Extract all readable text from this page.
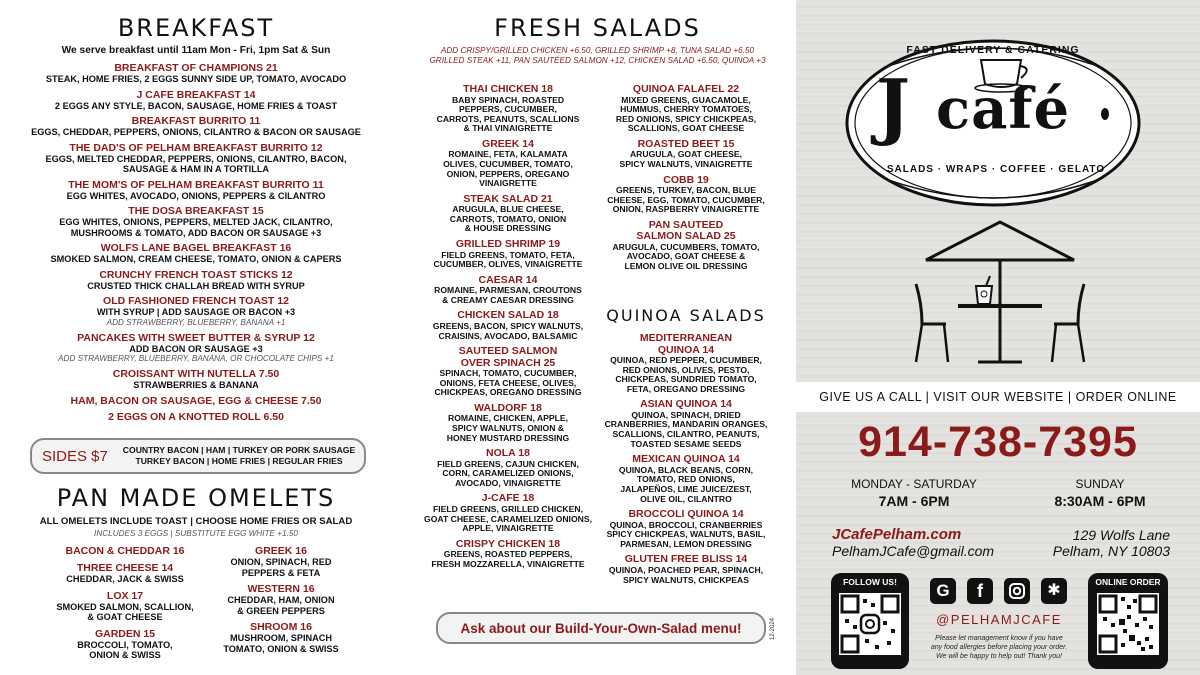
BREAKFAST
We serve breakfast until 11am Mon - Fri, 1pm Sat & Sun
BREAKFAST OF CHAMPIONS 21
STEAK, HOME FRIES, 2 EGGS SUNNY SIDE UP, TOMATO, AVOCADO
J CAFE BREAKFAST 14
2 EGGS ANY STYLE, BACON, SAUSAGE, HOME FRIES & TOAST
BREAKFAST BURRITO 11
EGGS, CHEDDAR, PEPPERS, ONIONS, CILANTRO & BACON OR SAUSAGE
THE DAD'S OF PELHAM BREAKFAST BURRITO 12
EGGS, MELTED CHEDDAR, PEPPERS, ONIONS, CILANTRO, BACON,
SAUSAGE & HAM IN A TORTILLA
THE MOM'S OF PELHAM BREAKFAST BURRITO 11
EGG WHITES, AVOCADO, ONIONS, PEPPERS & CILANTRO
THE DOSA BREAKFAST 15
EGG WHITES, ONIONS, PEPPERS, MELTED JACK, CILANTRO,
MUSHROOMS & TOMATO, ADD BACON OR SAUSAGE +3
WOLFS LANE BAGEL BREAKFAST 16
SMOKED SALMON, CREAM CHEESE, TOMATO, ONION & CAPERS
CRUNCHY FRENCH TOAST STICKS 12
CRUSTED THICK CHALLAH BREAD WITH SYRUP
OLD FASHIONED FRENCH TOAST 12
WITH SYRUP | ADD SAUSAGE OR BACON +3
ADD STRAWBERRY, BLUEBERRY, BANANA +1
PANCAKES WITH SWEET BUTTER & SYRUP 12
ADD BACON OR SAUSAGE +3
ADD STRAWBERRY, BLUEBERRY, BANANA, OR CHOCOLATE CHIPS +1
CROISSANT WITH NUTELLA 7.50
STRAWBERRIES & BANANA
HAM, BACON OR SAUSAGE, EGG & CHEESE 7.50
2 EGGS ON A KNOTTED ROLL 6.50
SIDES $7	COUNTRY BACON | HAM | TURKEY OR PORK SAUSAGE
TURKEY BACON | HOME FRIES | REGULAR FRIES
PAN MADE OMELETS
ALL OMELETS INCLUDE TOAST | CHOOSE HOME FRIES OR SALAD
INCLUDES 3 EGGS | SUBSTITUTE EGG WHITE +1.50
BACON & CHEDDAR 16
THREE CHEESE 14
CHEDDAR, JACK & SWISS
LOX 17
SMOKED SALMON, SCALLION,
& GOAT CHEESE
GARDEN 15
BROCCOLI, TOMATO,
ONION & SWISS
GREEK 16
ONION, SPINACH, RED
PEPPERS & FETA
WESTERN 16
CHEDDAR, HAM, ONION
& GREEN PEPPERS
SHROOM 16
MUSHROOM, SPINACH
TOMATO, ONION & SWISS
FRESH SALADS
ADD CRISPY/GRILLED CHICKEN +6.50, GRILLED SHRIMP +8, TUNA SALAD +6.50
GRILLED STEAK +11, PAN SAUTÉED SALMON +12, CHICKEN SALAD +6.50, QUINOA +3
THAI CHICKEN 18
BABY SPINACH, ROASTED
PEPPERS, CUCUMBER,
CARROTS, PEANUTS, SCALLIONS
& THAI VINAIGRETTE
GREEK 14
ROMAINE, FETA, KALAMATA
OLIVES, CUCUMBER, TOMATO,
ONION, PEPPERS, OREGANO
VINAIGRETTE
STEAK SALAD 21
ARUGULA, BLUE CHEESE,
CARROTS, TOMATO, ONION
& HOUSE DRESSING
GRILLED SHRIMP 19
FIELD GREENS, TOMATO, FETA,
CUCUMBER, OLIVES, VINAIGRETTE
CAESAR 14
ROMAINE, PARMESAN, CROUTONS
& CREAMY CAESAR DRESSING
CHICKEN SALAD 18
GREENS, BACON, SPICY WALNUTS,
CRAISINS, AVOCADO, BALSAMIC
SAUTEED SALMON
OVER SPINACH 25
SPINACH, TOMATO, CUCUMBER,
ONIONS, FETA CHEESE, OLIVES,
CHICKPEAS, OREGANO DRESSING
WALDORF 18
ROMAINE, CHICKEN, APPLE,
SPICY WALNUTS, ONION &
HONEY MUSTARD DRESSING
NOLA 18
FIELD GREENS, CAJUN CHICKEN,
CORN, CARAMELIZED ONIONS,
AVOCADO, VINAIGRETTE
J-CAFE 18
FIELD GREENS, GRILLED CHICKEN,
GOAT CHEESE, CARAMELIZED ONIONS,
APPLE, VINAIGRETTE
CRISPY CHICKEN 18
GREENS, ROASTED PEPPERS,
FRESH MOZZARELLA, VINAIGRETTE
QUINOA FALAFEL 22
MIXED GREENS, GUACAMOLE,
HUMMUS, CHERRY TOMATOES,
RED ONIONS, SPICY CHICKPEAS,
SCALLIONS, GOAT CHEESE
ROASTED BEET 15
ARUGULA, GOAT CHEESE,
SPICY WALNUTS, VINAIGRETTE
COBB 19
GREENS, TURKEY, BACON, BLUE
CHEESE, EGG, TOMATO, CUCUMBER,
ONION, RASPBERRY VINAIGRETTE
PAN SAUTEED
SALMON SALAD 25
ARUGULA, CUCUMBERS, TOMATO,
AVOCADO, GOAT CHEESE &
LEMON OLIVE OIL DRESSING
QUINOA SALADS
MEDITERRANEAN
QUINOA 14
QUINOA, RED PEPPER, CUCUMBER,
RED ONIONS, OLIVES, PESTO,
CHICKPEAS, SUNDRIED TOMATO,
FETA, OREGANO DRESSING
ASIAN QUINOA 14
QUINOA, SPINACH, DRIED
CRANBERRIES, MANDARIN ORANGES,
SCALLIONS, CILANTRO, PEANUTS,
TOASTED SESAME SEEDS
MEXICAN QUINOA 14
QUINOA, BLACK BEANS, CORN,
TOMATO, RED ONIONS,
JALAPEÑOS, LIME JUICE/ZEST,
OLIVE OIL, CILANTRO
BROCCOLI QUINOA 14
QUINOA, BROCCOLI, CRANBERRIES
SPICY CHICKPEAS, WALNUTS, BASIL,
PARMESAN, LEMON DRESSING
GLUTEN FREE BLISS 14
QUINOA, POACHED PEAR, SPINACH,
SPICY WALNUTS, CHICKPEAS
Ask about our Build-Your-Own-Salad menu!	12-2024
FAST DELIVERY & CATERING
J café
SALADS · WRAPS · COFFEE · GELATO
GIVE US A CALL | VISIT OUR WEBSITE | ORDER ONLINE
914-738-7395
MONDAY - SATURDAY
7AM - 6PM
SUNDAY
8:30AM - 6PM
JCafePelham.com
PelhamJCafe@gmail.com
129 Wolfs Lane
Pelham, NY 10803
FOLLOW US!	G	f	✱
@PELHAMJCAFE
Please let management know if you have
any food allergies before placing your order.
We will be happy to help out! Thank you!
ONLINE ORDER
